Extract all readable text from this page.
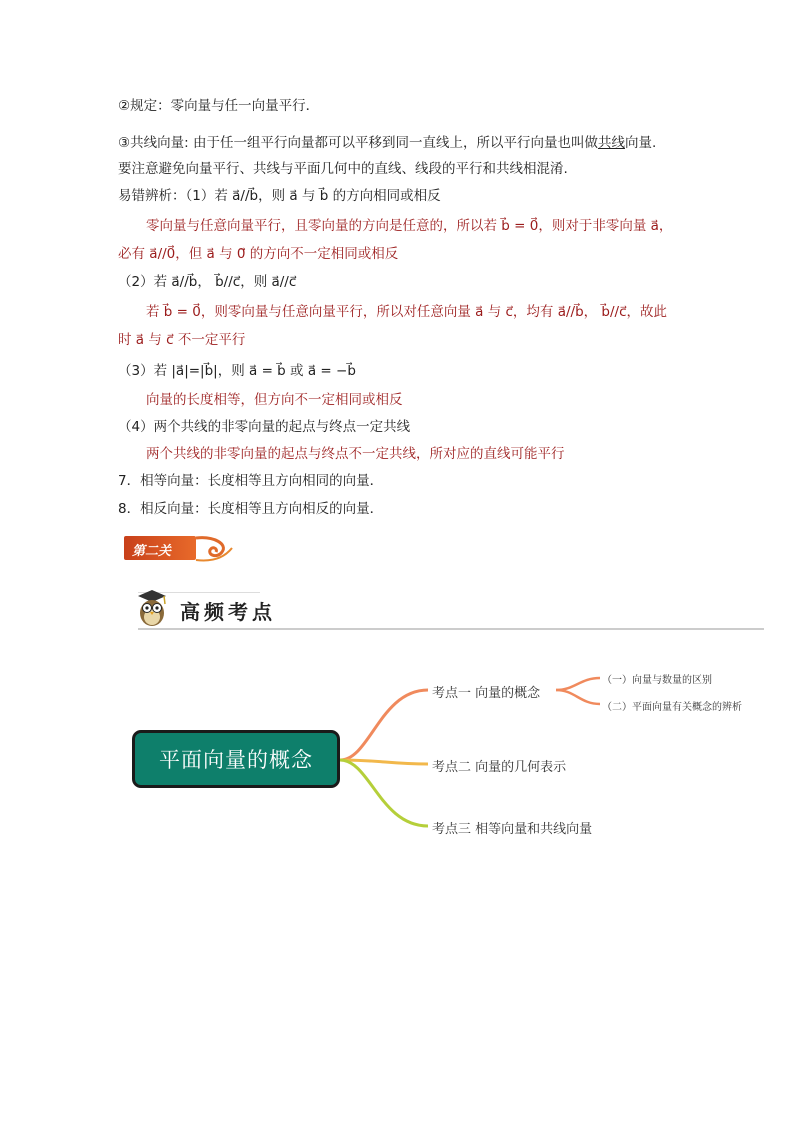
②规定：零向量与任一向量平行．
③共线向量: 由于任一组平行向量都可以平移到同一直线上，所以平行向量也叫做共线向量.
要注意避免向量平行、共线与平面几何中的直线、线段的平行和共线相混淆.
易错辨析：（1）若 a⃗//b⃗，则 a⃗ 与 b⃗ 的方向相同或相反
零向量与任意向量平行，且零向量的方向是任意的，所以若 b⃗ = 0⃗，则对于非零向量 a⃗，
必有 a⃗//0⃗，但 a⃗ 与 0⃗ 的方向不一定相同或相反
（2）若 a⃗//b⃗， b⃗//c⃗，则 a⃗//c⃗
若 b⃗ = 0⃗，则零向量与任意向量平行，所以对任意向量 a⃗ 与 c⃗，均有 a⃗//b⃗， b⃗//c⃗，故此
时 a⃗ 与 c⃗ 不一定平行
（3）若 |a⃗|=|b⃗|，则 a⃗ = b⃗ 或 a⃗ = −b⃗
向量的长度相等，但方向不一定相同或相反
（4）两个共线的非零向量的起点与终点一定共线
两个共线的非零向量的起点与终点不一定共线，所对应的直线可能平行
7．相等向量：长度相等且方向相同的向量．
8．相反向量：长度相等且方向相反的向量．
第二关
高频考点
平面向量的概念
考点一 向量的概念
考点二 向量的几何表示
考点三 相等向量和共线向量
（一）向量与数量的区别
（二）平面向量有关概念的辨析
